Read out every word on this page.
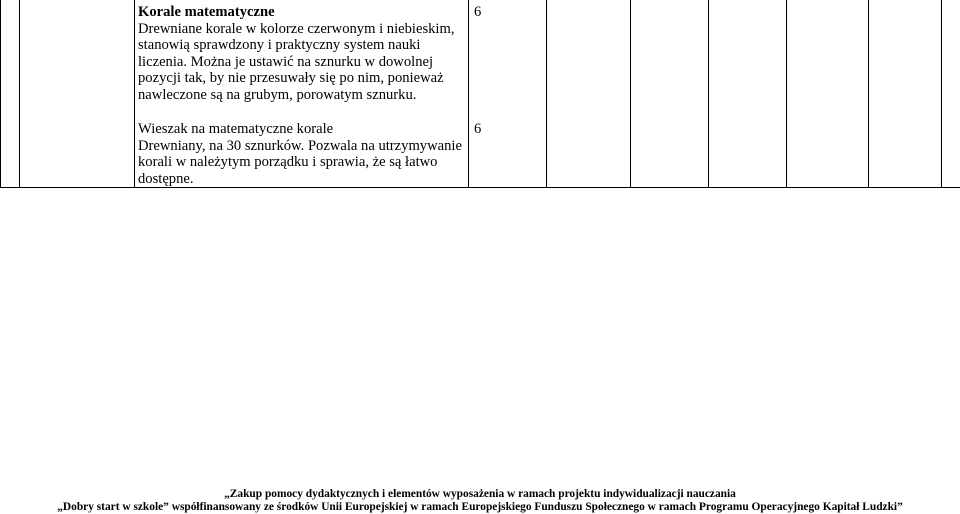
Korale matematyczne
Drewniane korale w kolorze czerwonym i niebieskim, stanowią sprawdzony i praktyczny system nauki liczenia. Można je ustawić na sznurku w dowolnej pozycji tak, by nie przesuwały się po nim, ponieważ nawleczone są na grubym, porowatym sznurku.
6
Wieszak na matematyczne korale
Drewniany, na 30 sznurków. Pozwala na utrzymywanie korali w należytym porządku i sprawia, że są łatwo dostępne.
6
„Zakup pomocy dydaktycznych i elementów wyposażenia w ramach projektu indywidualizacji nauczania
„Dobry start w szkole” współfinansowany ze środków Unii Europejskiej w ramach Europejskiego Funduszu Społecznego w ramach Programu Operacyjnego Kapitał Ludzki”
